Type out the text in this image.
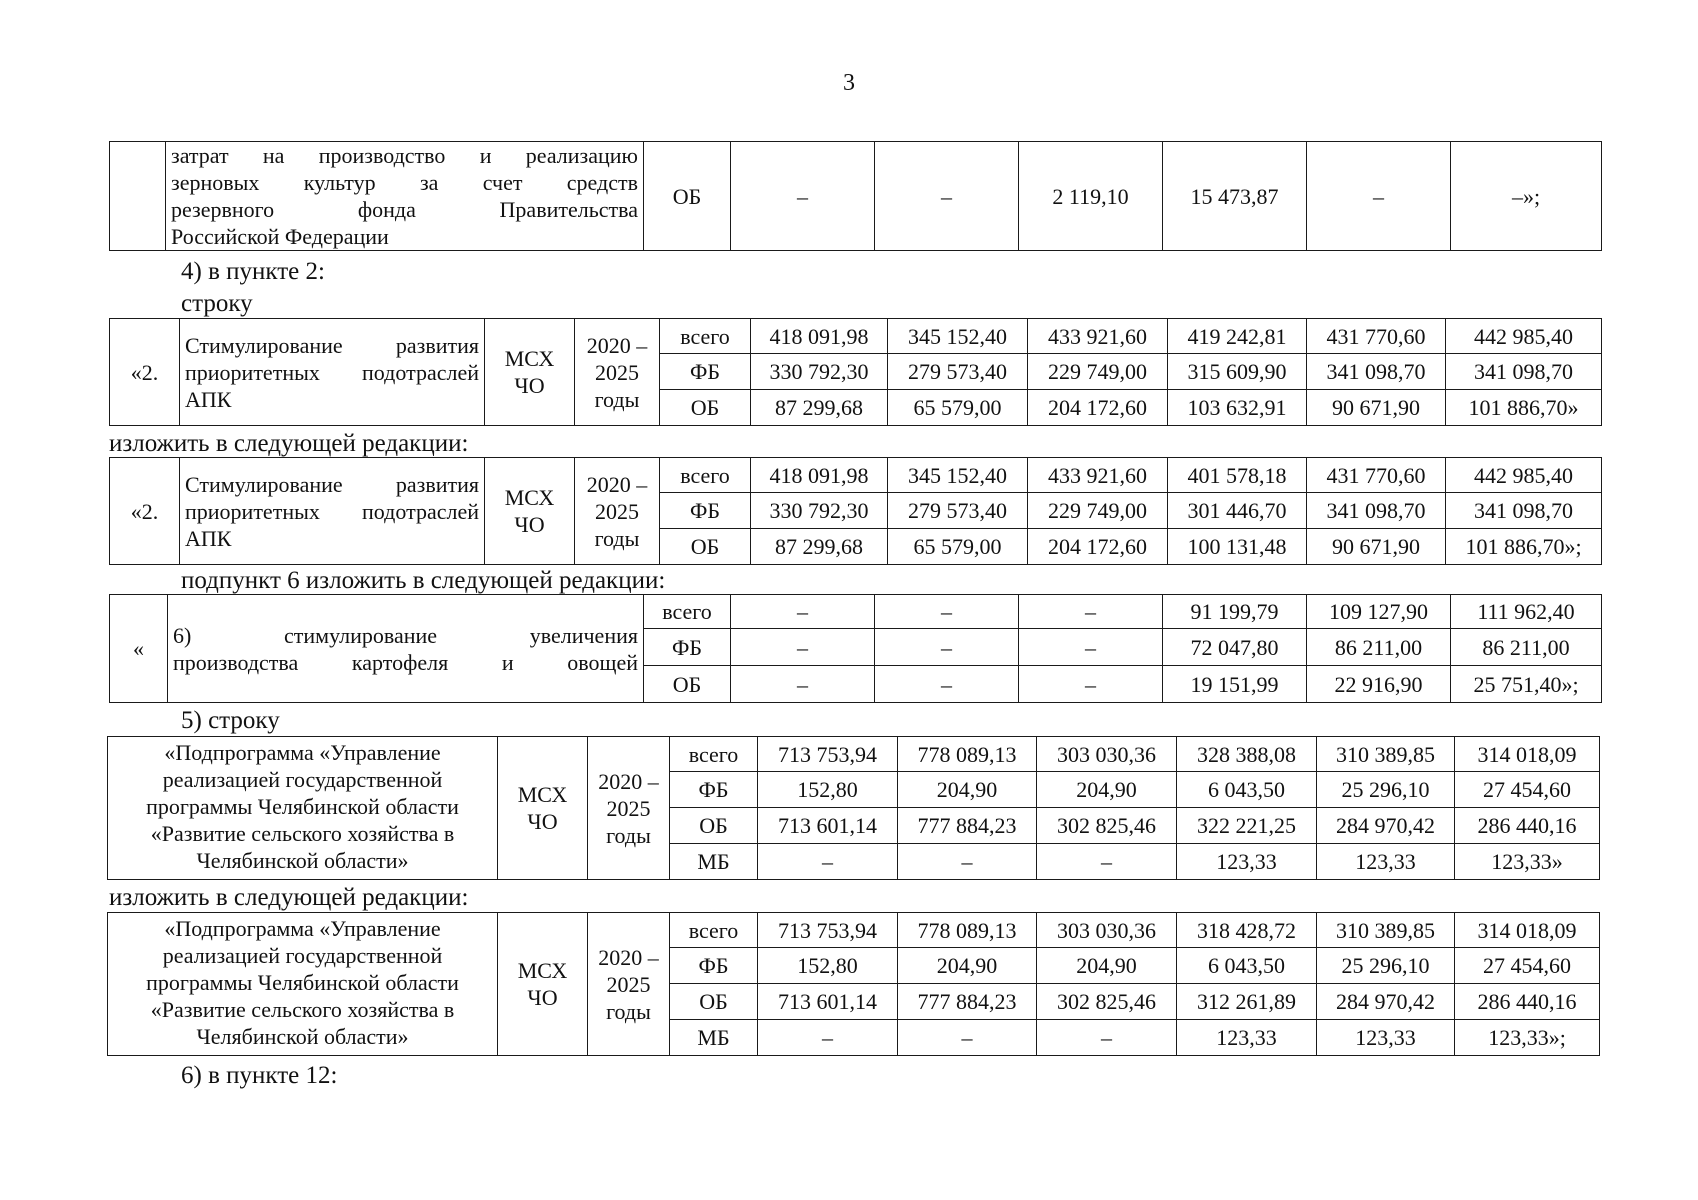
3

затрат на производство и реализацию
зерновых культур за счет средств
резервного фонда Правительства
Российской Федерации
	ОБ	–	–	2 119,10	15 473,87	–	–»;
4) в пункте 2:
строку
«2.	Стимулирование развития
приоритетных подотраслей
АПК	МСХ
ЧО	2020 –
2025
годы	всего	418 091,98	345 152,40	433 921,60	419 242,81	431 770,60	442 985,40
				ФБ	330 792,30	279 573,40	229 749,00	315 609,90	341 098,70	341 098,70
				ОБ	87 299,68	65 579,00	204 172,60	103 632,91	90 671,90	101 886,70»
изложить в следующей редакции:
«2.	Стимулирование развития
приоритетных подотраслей
АПК	МСХ
ЧО	2020 –
2025
годы	всего	418 091,98	345 152,40	433 921,60	401 578,18	431 770,60	442 985,40
				ФБ	330 792,30	279 573,40	229 749,00	301 446,70	341 098,70	341 098,70
				ОБ	87 299,68	65 579,00	204 172,60	100 131,48	90 671,90	101 886,70»;
подпункт 6 изложить в следующей редакции:
«	6) стимулирование увеличения
производства картофеля и овощей	всего	–	–	–	91 199,79	109 127,90	111 962,40
		ФБ	–	–	–	72 047,80	86 211,00	86 211,00
		ОБ	–	–	–	19 151,99	22 916,90	25 751,40»;
5) строку
«Подпрограмма «Управление
реализацией государственной
программы Челябинской области
«Развитие сельского хозяйства в
Челябинской области»	МСХ
ЧО	2020 –
2025
годы	всего	713 753,94	778 089,13	303 030,36	328 388,08	310 389,85	314 018,09
			ФБ	152,80	204,90	204,90	6 043,50	25 296,10	27 454,60
			ОБ	713 601,14	777 884,23	302 825,46	322 221,25	284 970,42	286 440,16
			МБ	–	–	–	123,33	123,33	123,33»
изложить в следующей редакции:
«Подпрограмма «Управление
реализацией государственной
программы Челябинской области
«Развитие сельского хозяйства в
Челябинской области»	МСХ
ЧО	2020 –
2025
годы	всего	713 753,94	778 089,13	303 030,36	318 428,72	310 389,85	314 018,09
			ФБ	152,80	204,90	204,90	6 043,50	25 296,10	27 454,60
			ОБ	713 601,14	777 884,23	302 825,46	312 261,89	284 970,42	286 440,16
			МБ	–	–	–	123,33	123,33	123,33»;
6) в пункте 12:
